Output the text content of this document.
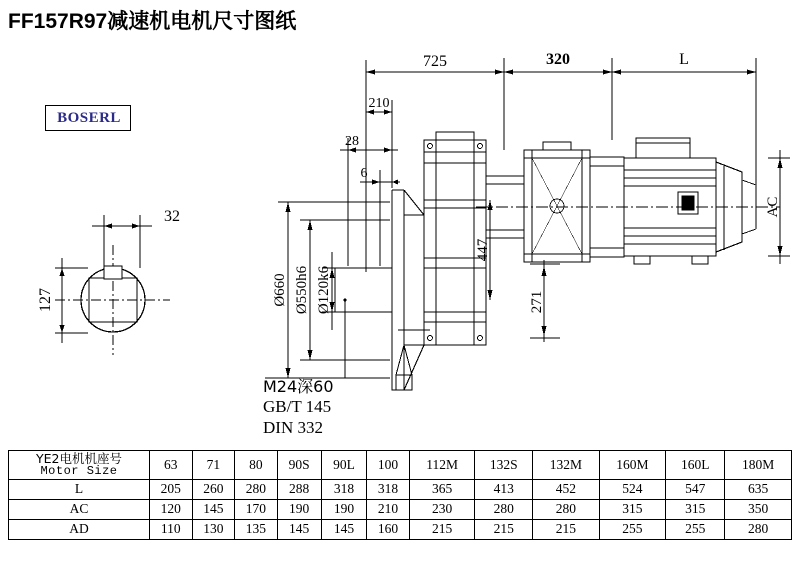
FF157R97减速机电机尺寸图纸
BOSERL
725	320	L
210
28
6
32
127	Ø660 Ø550h6 Ø120k6
447
271
AC
M24深60
GB/T 145
DIN 332
YE2电机机座号
Motor Size	63	71	80	90S	90L	100	112M	132S	132M	160M	160L	180M
L	205	260	280	288	318	318	365	413	452	524	547	635
AC	120	145	170	190	190	210	230	280	280	315	315	350
AD	110	130	135	145	145	160	215	215	215	255	255	280
